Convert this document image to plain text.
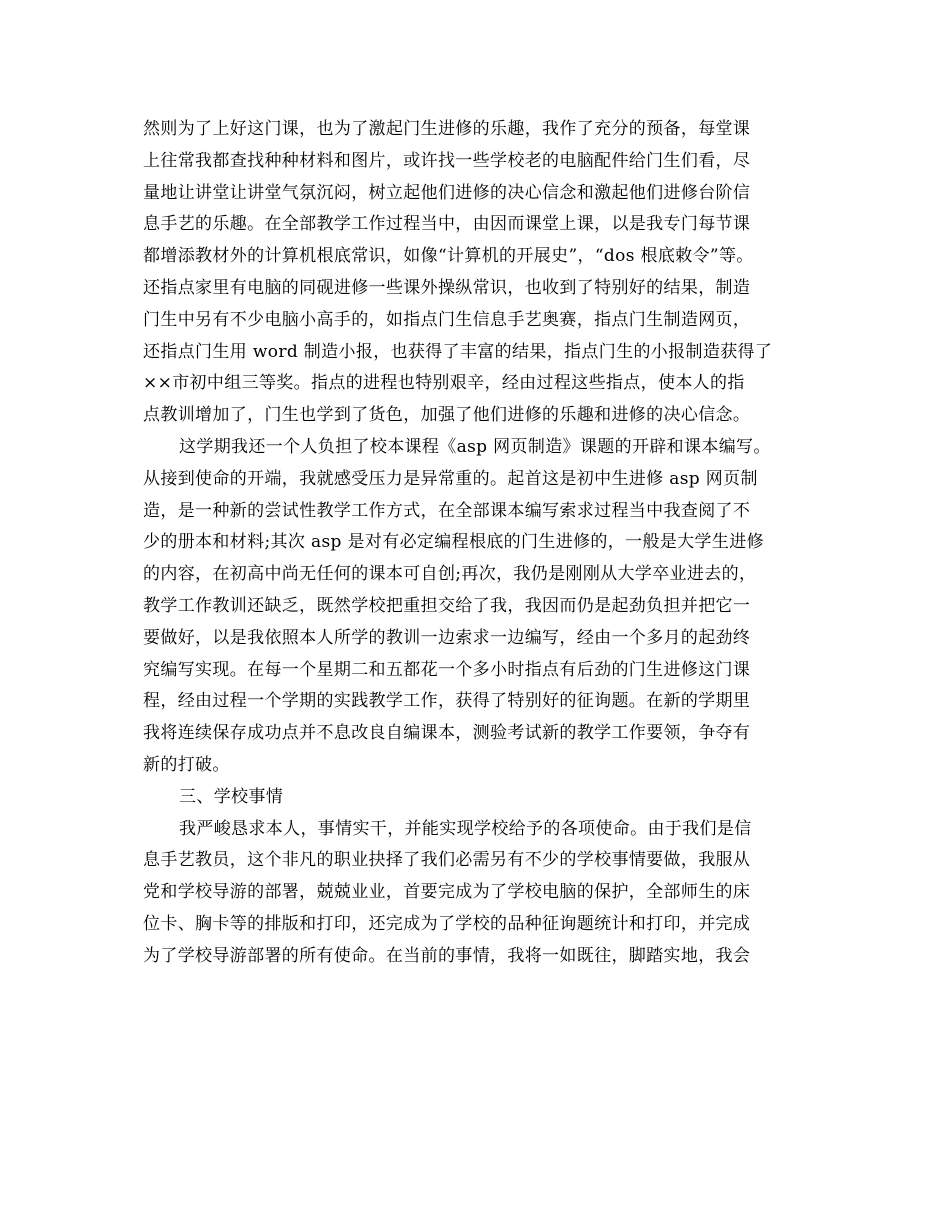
然则为了上好这门课，也为了激起门生进修的乐趣，我作了充分的预备，每堂课
上往常我都查找种种材料和图片，或许找一些学校老的电脑配件给门生们看，尽
量地让讲堂让讲堂气氛沉闷，树立起他们进修的决心信念和激起他们进修台阶信
息手艺的乐趣。在全部教学工作过程当中，由因而课堂上课，以是我专门每节课
都增添教材外的计算机根底常识，如像“计算机的开展史”，“dos 根底敕令”等。
还指点家里有电脑的同砚进修一些课外操纵常识，也收到了特别好的结果，制造
门生中另有不少电脑小高手的，如指点门生信息手艺奥赛，指点门生制造网页，
还指点门生用 word 制造小报，也获得了丰富的结果，指点门生的小报制造获得了
××市初中组三等奖。指点的进程也特别艰辛，经由过程这些指点，使本人的指
点教训增加了，门生也学到了货色，加强了他们进修的乐趣和进修的决心信念。
这学期我还一个人负担了校本课程《asp 网页制造》课题的开辟和课本编写。
从接到使命的开端，我就感受压力是异常重的。起首这是初中生进修 asp 网页制
造，是一种新的尝试性教学工作方式，在全部课本编写索求过程当中我查阅了不
少的册本和材料;其次 asp 是对有必定编程根底的门生进修的，一般是大学生进修
的内容，在初高中尚无任何的课本可自创;再次，我仍是刚刚从大学卒业进去的，
教学工作教训还缺乏，既然学校把重担交给了我，我因而仍是起劲负担并把它一
要做好，以是我依照本人所学的教训一边索求一边编写，经由一个多月的起劲终
究编写实现。在每一个星期二和五都花一个多小时指点有后劲的门生进修这门课
程，经由过程一个学期的实践教学工作，获得了特别好的征询题。在新的学期里
我将连续保存成功点并不息改良自编课本，测验考试新的教学工作要领，争夺有
新的打破。
三、学校事情
我严峻恳求本人，事情实干，并能实现学校给予的各项使命。由于我们是信
息手艺教员，这个非凡的职业抉择了我们必需另有不少的学校事情要做，我服从
党和学校导游的部署，兢兢业业，首要完成为了学校电脑的保护，全部师生的床
位卡、胸卡等的排版和打印，还完成为了学校的品种征询题统计和打印，并完成
为了学校导游部署的所有使命。在当前的事情，我将一如既往，脚踏实地，我会
